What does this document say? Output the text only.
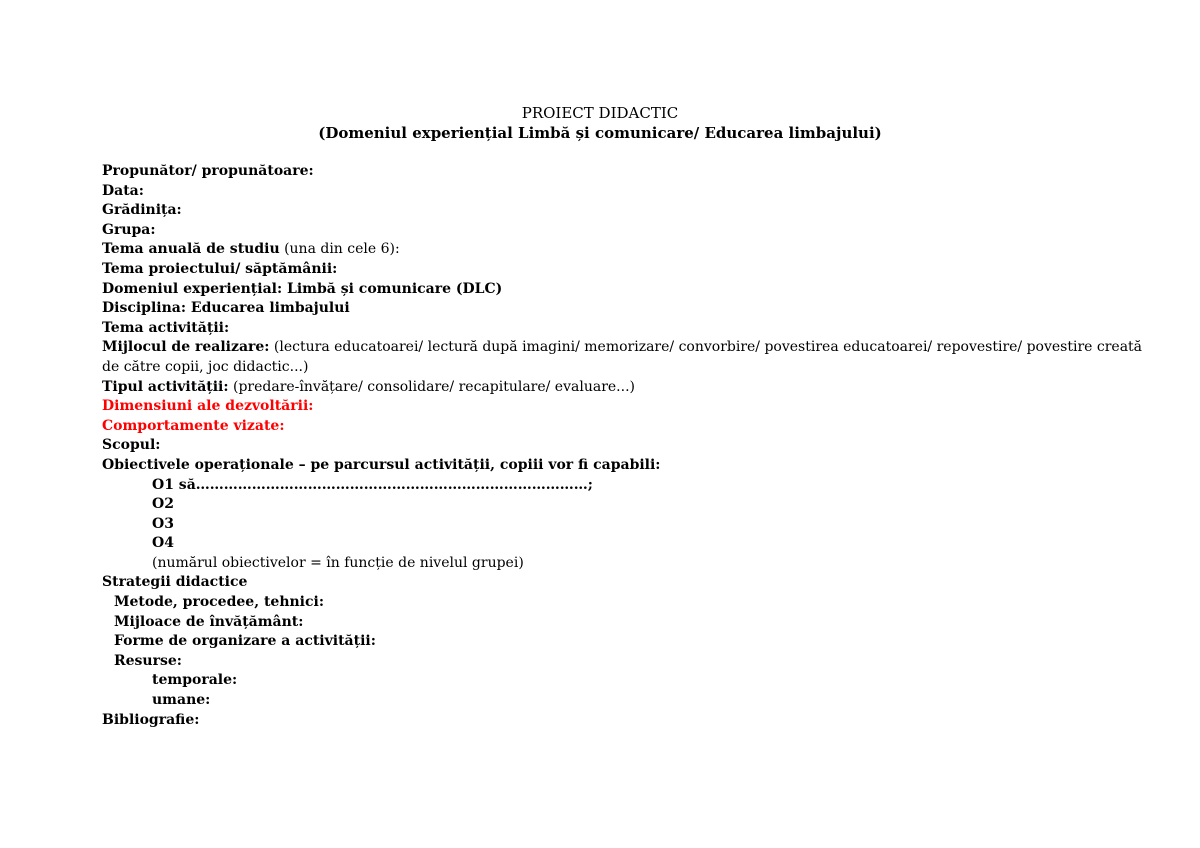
PROIECT DIDACTIC
(Domeniul experiențial Limbă și comunicare/ Educarea limbajului)
Propunător/ propunătoare:
Data:
Grădinița:
Grupa:
Tema anuală de studiu (una din cele 6):
Tema proiectului/ săptămânii:
Domeniul experiențial: Limbă și comunicare (DLC)
Disciplina: Educarea limbajului
Tema activității:
Mijlocul de realizare: (lectura educatoarei/ lectură după imagini/ memorizare/ convorbire/ povestirea educatoarei/ repovestire/ povestire creată
de către copii, joc didactic...)
Tipul activității: (predare-învățare/ consolidare/ recapitulare/ evaluare...)
Dimensiuni ale dezvoltării:
Comportamente vizate:
Scopul:
Obiectivele operaționale – pe parcursul activității, copiii vor fi capabili:
O1 să…………………………………………………………………………;
O2
O3
O4
(numărul obiectivelor = în funcție de nivelul grupei)
Strategii didactice
Metode, procedee, tehnici:
Mijloace de învățământ:
Forme de organizare a activității:
Resurse:
temporale:
umane:
Bibliografie:
